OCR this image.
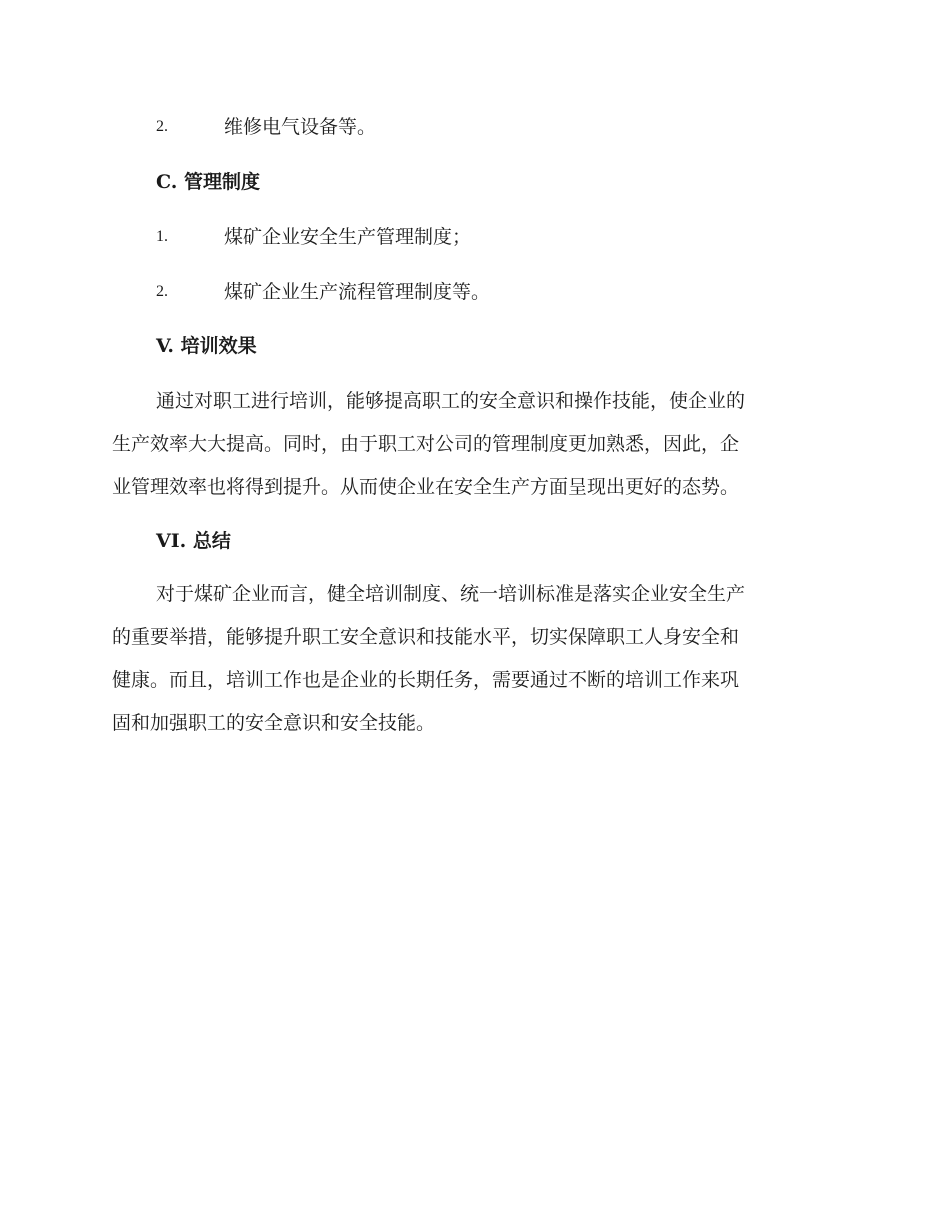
2.	维修电气设备等。
C. 管理制度
1.	煤矿企业安全生产管理制度；
2.	煤矿企业生产流程管理制度等。
V. 培训效果
通过对职工进行培训，能够提高职工的安全意识和操作技能，使企业的
生产效率大大提高。同时，由于职工对公司的管理制度更加熟悉，因此，企
业管理效率也将得到提升。从而使企业在安全生产方面呈现出更好的态势。
VI. 总结
对于煤矿企业而言，健全培训制度、统一培训标准是落实企业安全生产
的重要举措，能够提升职工安全意识和技能水平，切实保障职工人身安全和
健康。而且，培训工作也是企业的长期任务，需要通过不断的培训工作来巩
固和加强职工的安全意识和安全技能。
